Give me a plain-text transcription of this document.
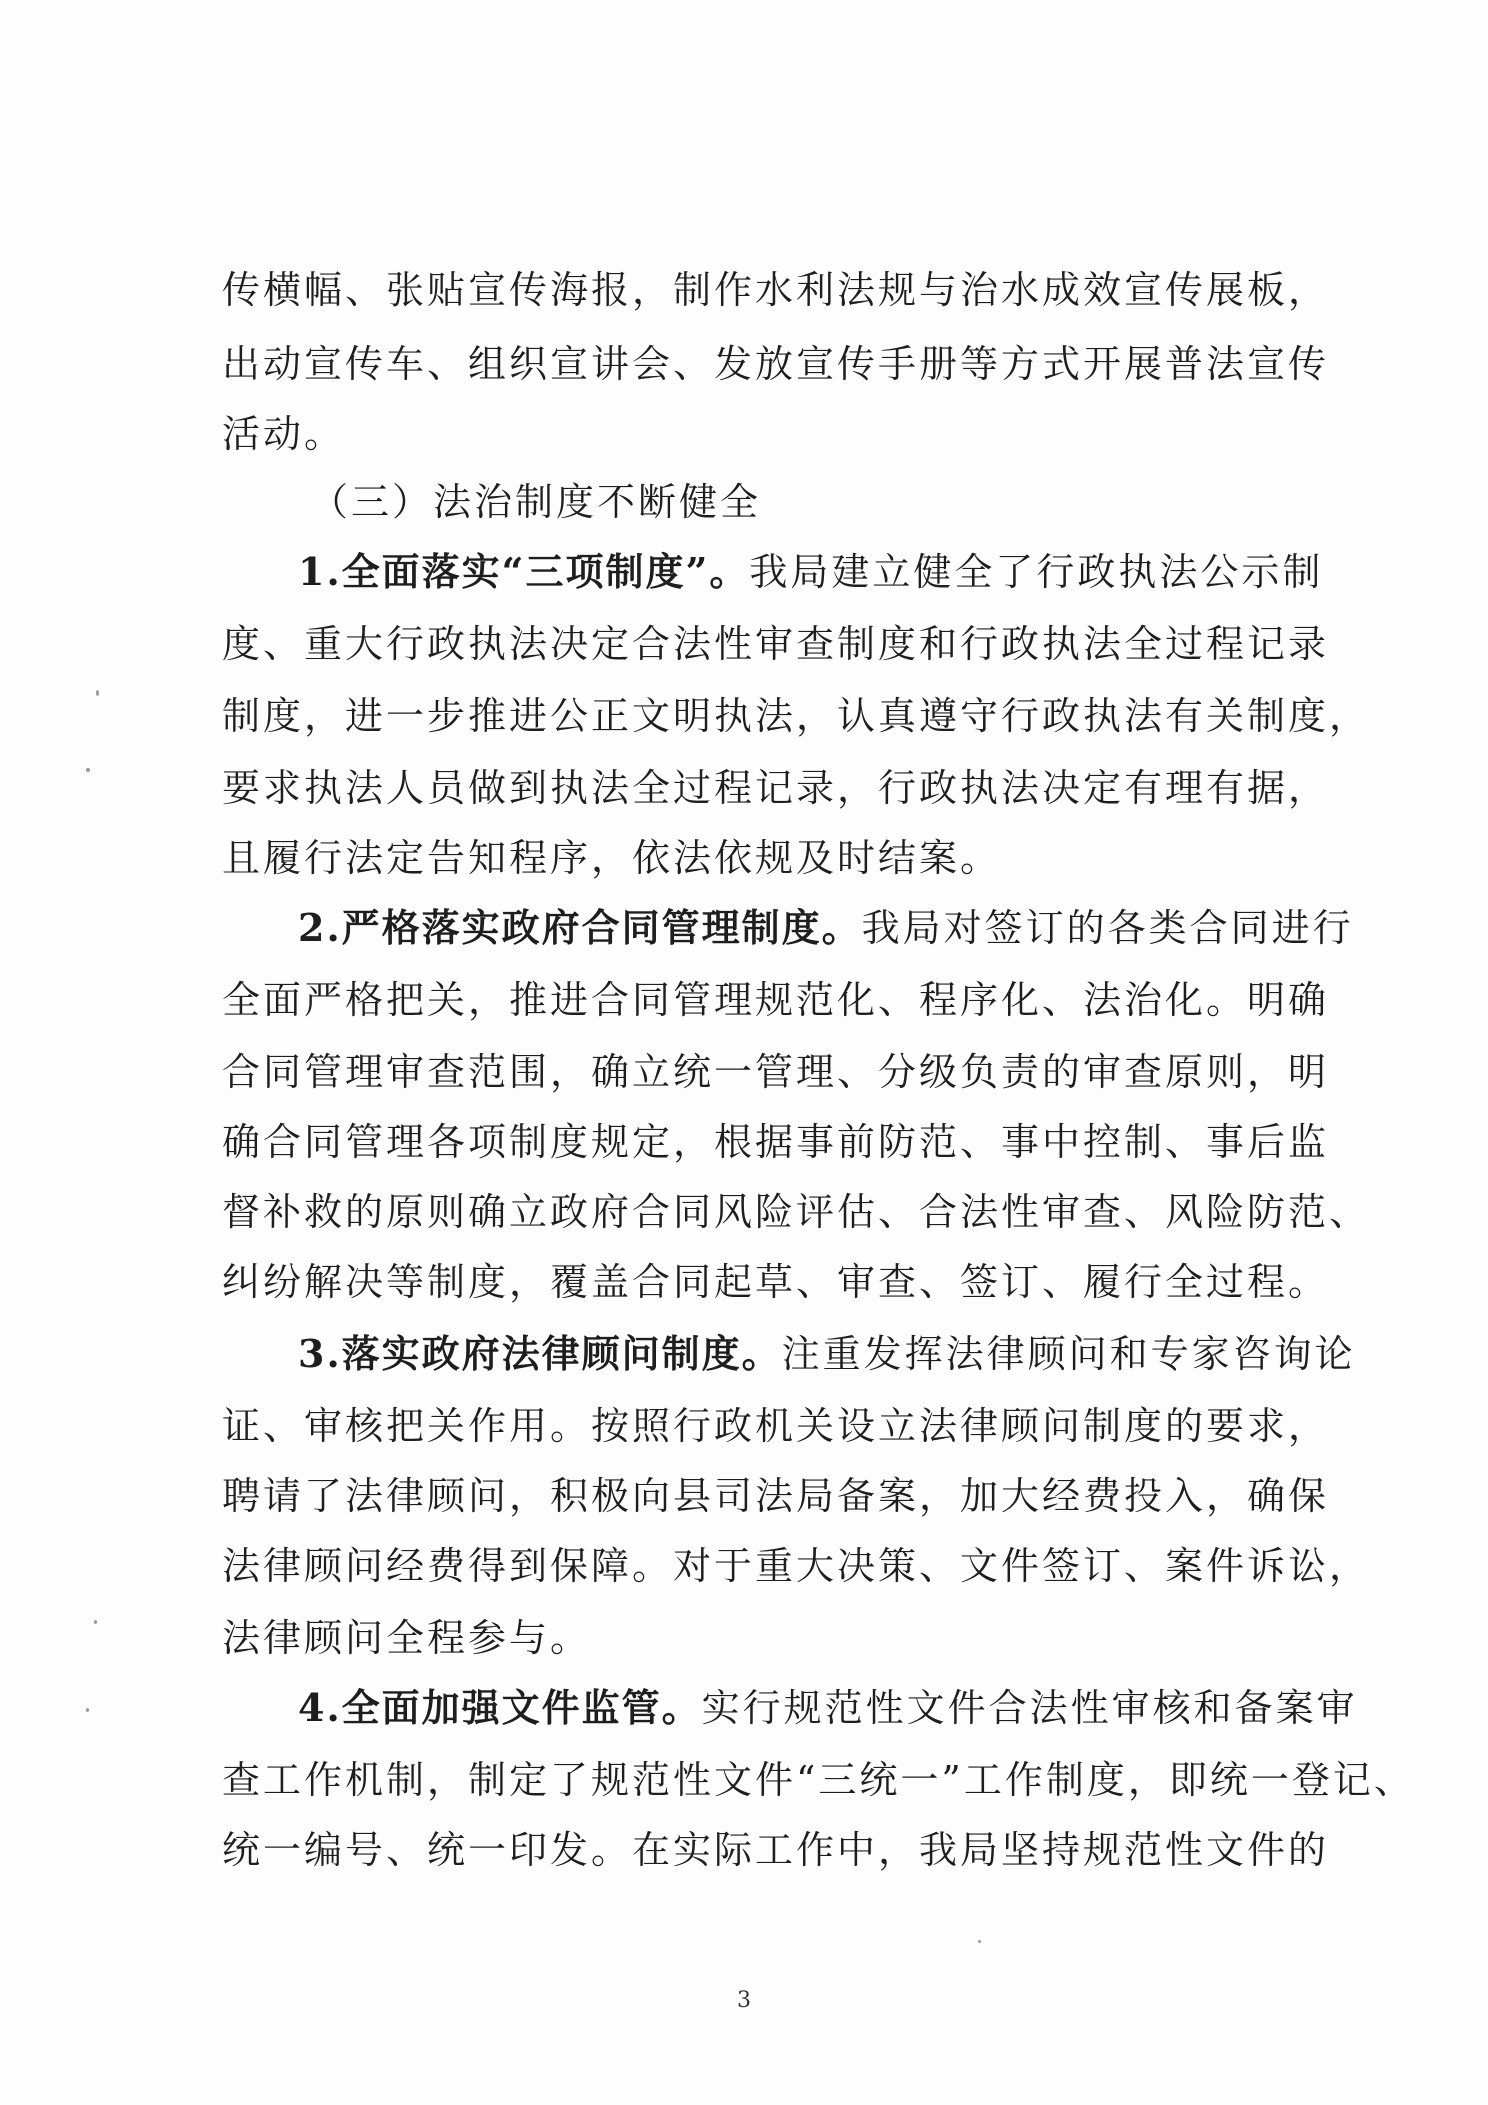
传横幅、张贴宣传海报，制作水利法规与治水成效宣传展板，
出动宣传车、组织宣讲会、发放宣传手册等方式开展普法宣传
活动。
（三）法治制度不断健全
1.全面落实“三项制度”。我局建立健全了行政执法公示制
度、重大行政执法决定合法性审查制度和行政执法全过程记录
制度，进一步推进公正文明执法，认真遵守行政执法有关制度，
要求执法人员做到执法全过程记录，行政执法决定有理有据，
且履行法定告知程序，依法依规及时结案。
2.严格落实政府合同管理制度。我局对签订的各类合同进行
全面严格把关，推进合同管理规范化、程序化、法治化。明确
合同管理审查范围，确立统一管理、分级负责的审查原则，明
确合同管理各项制度规定，根据事前防范、事中控制、事后监
督补救的原则确立政府合同风险评估、合法性审查、风险防范、
纠纷解决等制度，覆盖合同起草、审查、签订、履行全过程。
3.落实政府法律顾问制度。注重发挥法律顾问和专家咨询论
证、审核把关作用。按照行政机关设立法律顾问制度的要求，
聘请了法律顾问，积极向县司法局备案，加大经费投入，确保
法律顾问经费得到保障。对于重大决策、文件签订、案件诉讼，
法律顾问全程参与。
4.全面加强文件监管。实行规范性文件合法性审核和备案审
查工作机制，制定了规范性文件“三统一”工作制度，即统一登记、
统一编号、统一印发。在实际工作中，我局坚持规范性文件的
3
